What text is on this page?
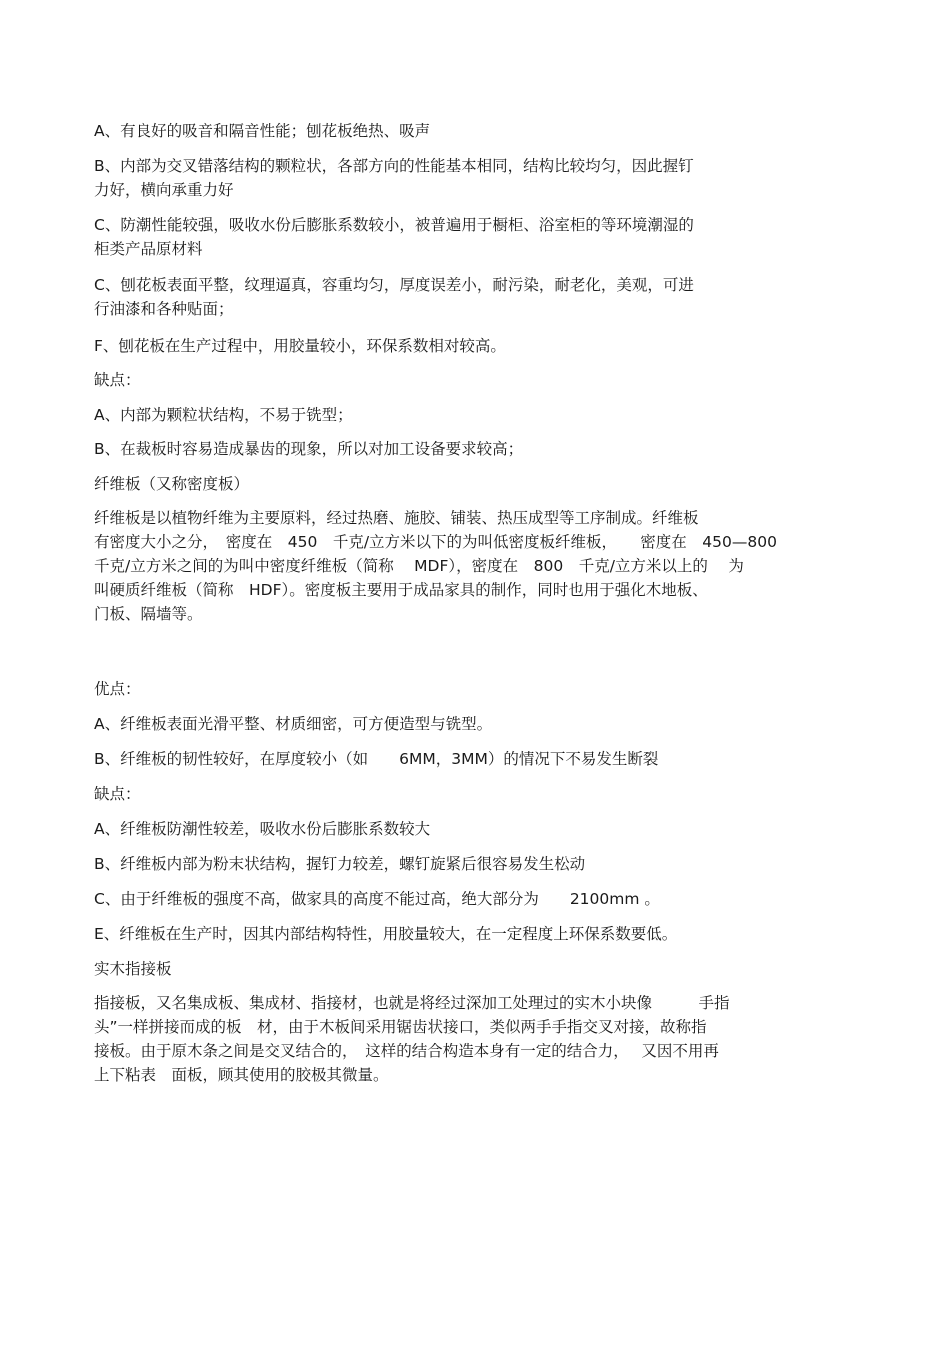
A、有良好的吸音和隔音性能；刨花板绝热、吸声

B、内部为交叉错落结构的颗粒状，各部方向的性能基本相同，结构比较均匀，因此握钉
力好，横向承重力好

C、防潮性能较强，吸收水份后膨胀系数较小，被普遍用于橱柜、浴室柜的等环境潮湿的
柜类产品原材料

C、刨花板表面平整，纹理逼真，容重均匀，厚度误差小，耐污染，耐老化，美观，可进
行油漆和各种贴面；

F、刨花板在生产过程中，用胶量较小，环保系数相对较高。

缺点：

A、内部为颗粒状结构，不易于铣型；

B、在裁板时容易造成暴齿的现象，所以对加工设备要求较高；

纤维板（又称密度板）

纤维板是以植物纤维为主要原料，经过热磨、施胶、铺装、热压成型等工序制成。纤维板
有密度大小之分，　密度在　450　千克/立方米以下的为叫低密度板纤维板，　　密度在　450—800
千克/立方米之间的为叫中密度纤维板（简称　 MDF），密度在　800　千克/立方米以上的　 为
叫硬质纤维板（简称　HDF）。密度板主要用于成品家具的制作，同时也用于强化木地板、
门板、隔墙等。

优点：

A、纤维板表面光滑平整、材质细密，可方便造型与铣型。

B、纤维板的韧性较好，在厚度较小（如　　6MM，3MM）的情况下不易发生断裂

缺点：

A、纤维板防潮性较差，吸收水份后膨胀系数较大

B、纤维板内部为粉末状结构，握钉力较差，螺钉旋紧后很容易发生松动

C、由于纤维板的强度不高，做家具的高度不能过高，绝大部分为　　2100mm 。

E、纤维板在生产时，因其内部结构特性，用胶量较大，在一定程度上环保系数要低。

实木指接板

指接板，又名集成板、集成材、指接材，也就是将经过深加工处理过的实木小块像　　　手指
头”一样拼接而成的板　材，由于木板间采用锯齿状接口，类似两手手指交叉对接，故称指
接板。由于原木条之间是交叉结合的，　这样的结合构造本身有一定的结合力，　 又因不用再
上下粘表　面板，顾其使用的胶极其微量。
